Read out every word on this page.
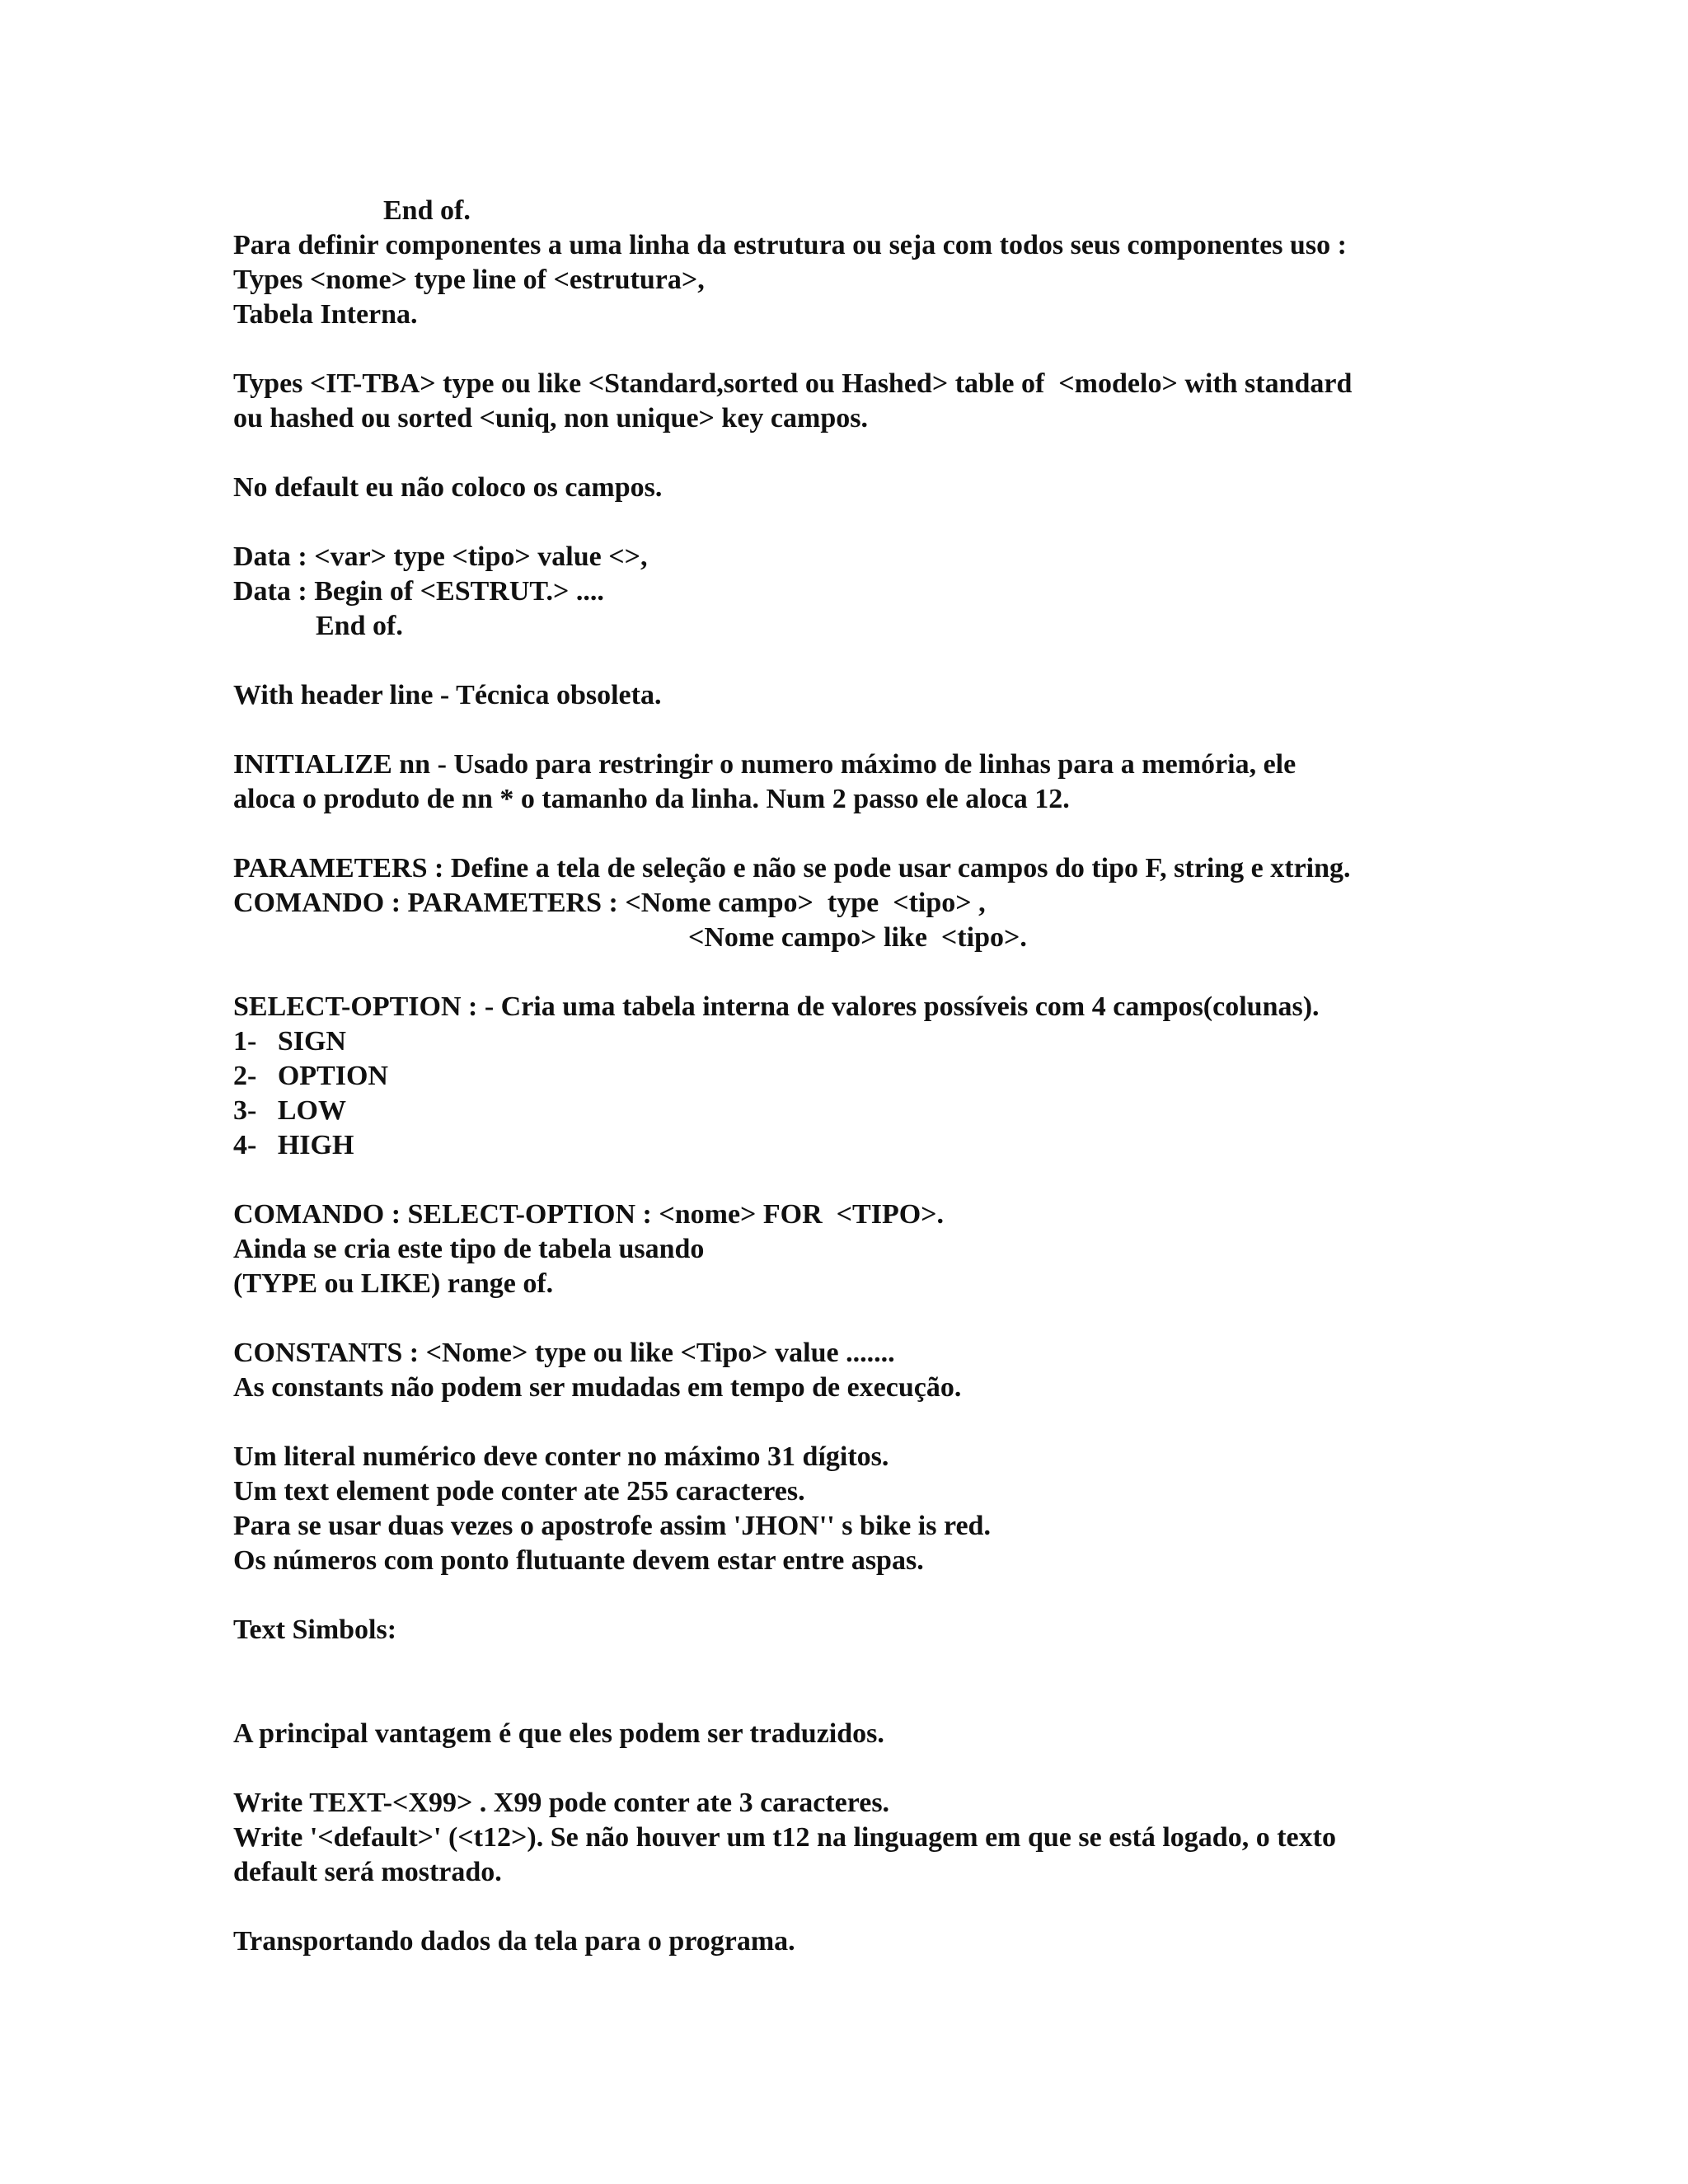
End of.
Para definir componentes a uma linha da estrutura ou seja com todos seus componentes uso :
Types <nome> type line of <estrutura>,
Tabela Interna.
Types <IT-TBA> type ou like <Standard,sorted ou Hashed> table of  <modelo> with standard
ou hashed ou sorted <uniq, non unique> key campos.
No default eu não coloco os campos.
Data : <var> type <tipo> value <>,
Data : Begin of <ESTRUT.> ....
End of.
With header line - Técnica obsoleta.
INITIALIZE nn - Usado para restringir o numero máximo de linhas para a memória, ele
aloca o produto de nn * o tamanho da linha. Num 2 passo ele aloca 12.
PARAMETERS : Define a tela de seleção e não se pode usar campos do tipo F, string e xtring.
COMANDO : PARAMETERS : <Nome campo>  type  <tipo> ,
<Nome campo> like  <tipo>.
SELECT-OPTION : - Cria uma tabela interna de valores possíveis com 4 campos(colunas).
1-   SIGN
2-   OPTION
3-   LOW
4-   HIGH
COMANDO : SELECT-OPTION : <nome> FOR  <TIPO>.
Ainda se cria este tipo de tabela usando
(TYPE ou LIKE) range of.
CONSTANTS : <Nome> type ou like <Tipo> value .......
As constants não podem ser mudadas em tempo de execução.
Um literal numérico deve conter no máximo 31 dígitos.
Um text element pode conter ate 255 caracteres.
Para se usar duas vezes o apostrofe assim 'JHON'' s bike is red.
Os números com ponto flutuante devem estar entre aspas.
Text Simbols:
A principal vantagem é que eles podem ser traduzidos.
Write TEXT-<X99> . X99 pode conter ate 3 caracteres.
Write '<default>' (<t12>). Se não houver um t12 na linguagem em que se está logado, o texto
default será mostrado.
Transportando dados da tela para o programa.
